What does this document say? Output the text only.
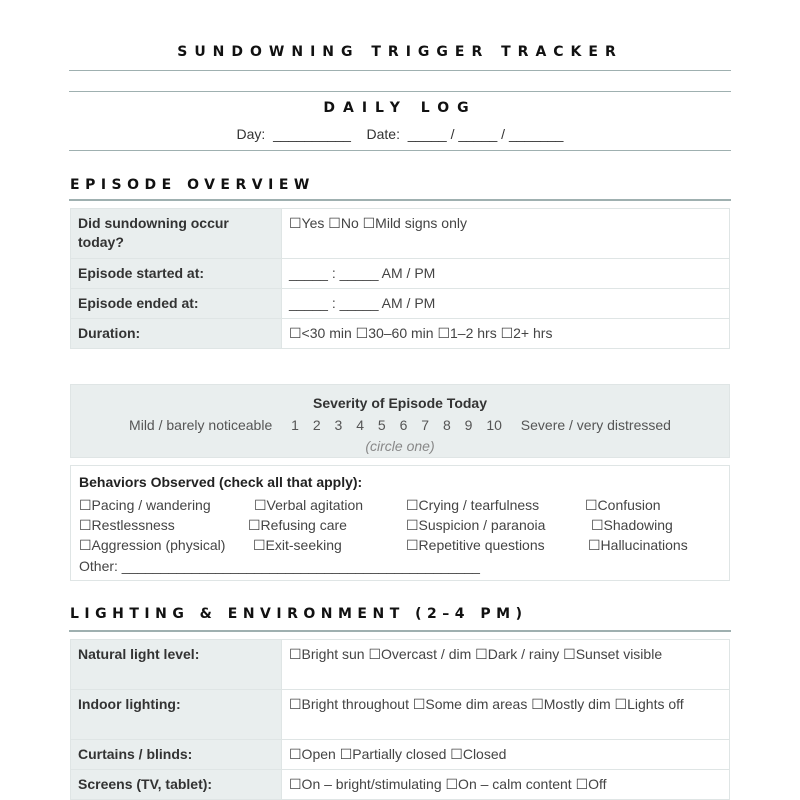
SUNDOWNING TRIGGER TRACKER
DAILY LOG
Day:  __________    Date:  _____ / _____ / _______
EPISODE OVERVIEW
Did sundowning occur today?	☐Yes ☐No ☐Mild signs only
Episode started at:	_____ : _____ AM / PM
Episode ended at:	_____ : _____ AM / PM
Duration:	☐<30 min ☐30–60 min ☐1–2 hrs ☐2+ hrs
Severity of Episode Today
Mild / barely noticeable 1 2 3 4 5 6 7 8 9 10 Severe / very distressed
(circle one)
Behaviors Observed (check all that apply):
☐Pacing / wandering	☐Verbal agitation	☐Crying / tearfulness	☐Confusion
☐Restlessness	☐Refusing care	☐Suspicion / paranoia	☐Shadowing
☐Aggression (physical) ☐Exit-seeking	☐Repetitive questions	☐Hallucinations
Other: ______________________________________________
LIGHTING & ENVIRONMENT (2–4 PM)
Natural light level:	☐Bright sun ☐Overcast / dim ☐Dark / rainy ☐Sunset visible
Indoor lighting:	☐Bright throughout ☐Some dim areas ☐Mostly dim ☐Lights off
Curtains / blinds:	☐Open ☐Partially closed ☐Closed
Screens (TV, tablet):	☐On – bright/stimulating ☐On – calm content ☐Off
